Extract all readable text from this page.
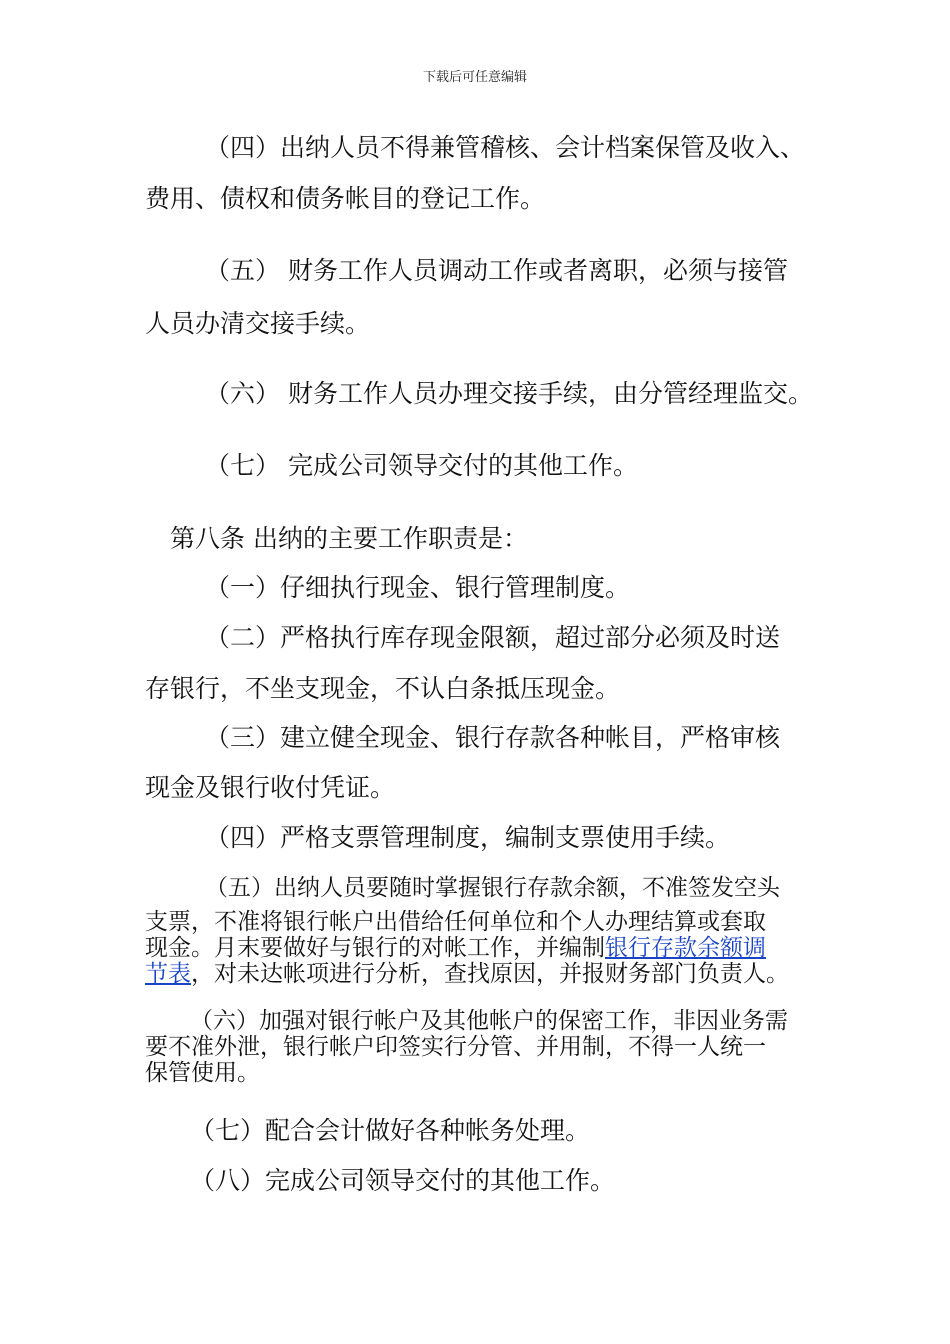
下载后可任意编辑
（四）出纳人员不得兼管稽核、会计档案保管及收入、
费用、债权和债务帐目的登记工作。
（五） 财务工作人员调动工作或者离职，必须与接管
人员办清交接手续。
（六） 财务工作人员办理交接手续，由分管经理监交。
（七） 完成公司领导交付的其他工作。
第八条 出纳的主要工作职责是：
（一）仔细执行现金、银行管理制度。
（二）严格执行库存现金限额，超过部分必须及时送
存银行，不坐支现金，不认白条抵压现金。
（三）建立健全现金、银行存款各种帐目，严格审核
现金及银行收付凭证。
（四）严格支票管理制度，编制支票使用手续。
（五）出纳人员要随时掌握银行存款余额，不准签发空头
支票，不准将银行帐户出借给任何单位和个人办理结算或套取
现金。月末要做好与银行的对帐工作，并编制银行存款余额调
节表，对未达帐项进行分析，查找原因，并报财务部门负责人。
（六）加强对银行帐户及其他帐户的保密工作，非因业务需
要不准外泄，银行帐户印签实行分管、并用制，不得一人统一
保管使用。
（七）配合会计做好各种帐务处理。
（八）完成公司领导交付的其他工作。
